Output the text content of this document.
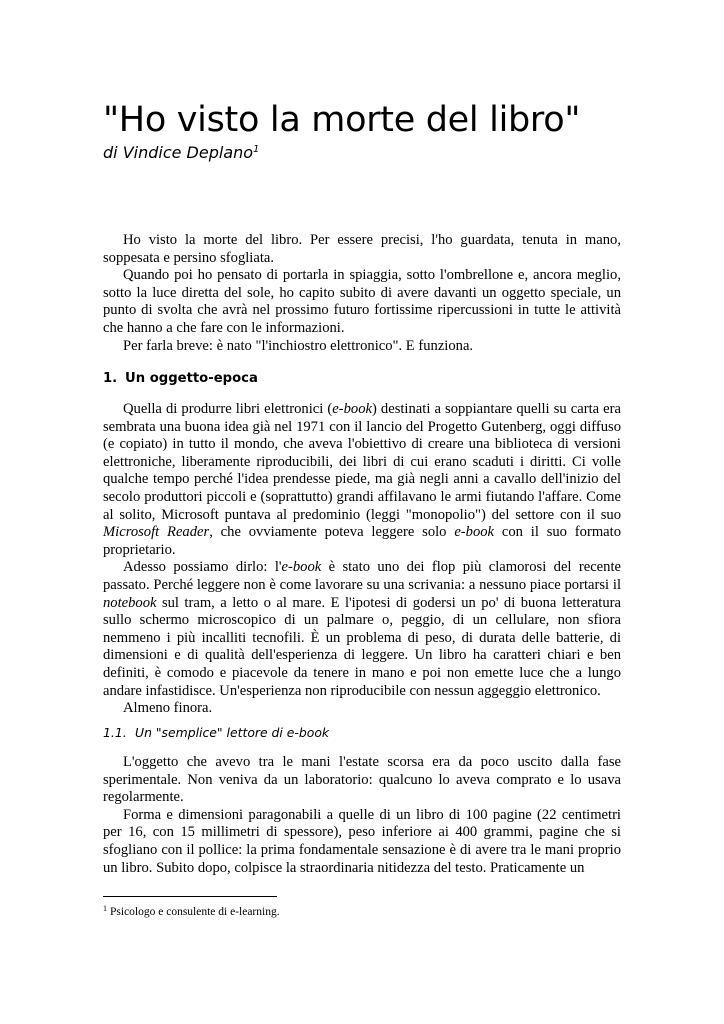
"Ho visto la morte del libro"
di Vindice Deplano$^1$

Ho visto la morte del libro. Per essere precisi, l'ho guardata, tenuta in mano, soppesata e persino sfogliata.

Quando poi ho pensato di portarla in spiaggia, sotto l'ombrellone e, ancora meglio, sotto la luce diretta del sole, ho capito subito di avere davanti un oggetto speciale, un punto di svolta che avrà nel prossimo futuro fortissime ripercussioni in tutte le attività che hanno a che fare con le informazioni.

Per farla breve: è nato "l'inchiostro elettronico". E funziona.

1. Un oggetto-epoca

Quella di produrre libri elettronici (e-book) destinati a soppiantare quelli su carta era sembrata una buona idea già nel 1971 con il lancio del Progetto Gutenberg, oggi diffuso (e copiato) in tutto il mondo, che aveva l'obiettivo di creare una biblioteca di versioni elettroniche, liberamente riproducibili, dei libri di cui erano scaduti i diritti. Ci volle qualche tempo perché l'idea prendesse piede, ma già negli anni a cavallo dell'inizio del secolo produttori piccoli e (soprattutto) grandi affilavano le armi fiutando l'affare. Come al solito, Microsoft puntava al predominio (leggi "monopolio") del settore con il suo Microsoft Reader, che ovviamente poteva leggere solo e-book con il suo formato proprietario.

Adesso possiamo dirlo: l'e-book è stato uno dei flop più clamorosi del recente passato. Perché leggere non è come lavorare su una scrivania: a nessuno piace portarsi il notebook sul tram, a letto o al mare. E l'ipotesi di godersi un po' di buona letteratura sullo schermo microscopico di un palmare o, peggio, di un cellulare, non sfiora nemmeno i più incalliti tecnofili. È un problema di peso, di durata delle batterie, di dimensioni e di qualità dell'esperienza di leggere. Un libro ha caratteri chiari e ben definiti, è comodo e piacevole da tenere in mano e poi non emette luce che a lungo andare infastidisce. Un'esperienza non riproducibile con nessun aggeggio elettronico.

Almeno finora.

1.1. Un "semplice" lettore di e-book

L'oggetto che avevo tra le mani l'estate scorsa era da poco uscito dalla fase sperimentale. Non veniva da un laboratorio: qualcuno lo aveva comprato e lo usava regolarmente.

Forma e dimensioni paragonabili a quelle di un libro di 100 pagine (22 centimetri per 16, con 15 millimetri di spessore), peso inferiore ai 400 grammi, pagine che si sfogliano con il pollice: la prima fondamentale sensazione è di avere tra le mani proprio un libro. Subito dopo, colpisce la straordinaria nitidezza del testo. Praticamente un

$^1$ Psicologo e consulente di e-learning.
